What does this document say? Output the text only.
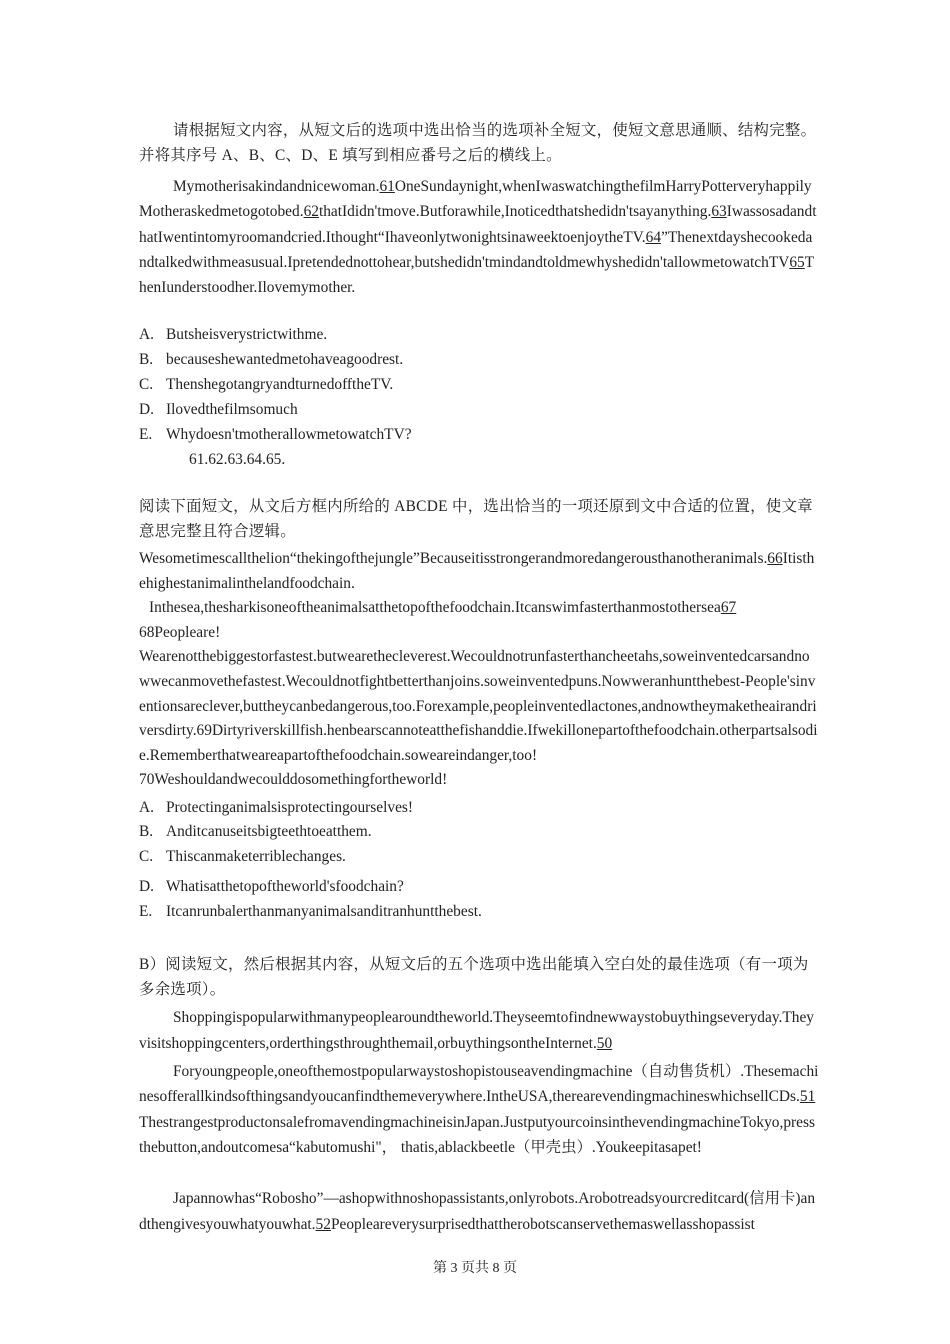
请根据短文内容，从短文后的选项中选出恰当的选项补全短文，使短文意思通顺、结构完整。并将其序号 A、B、C、D、E 填写到相应番号之后的横线上。
Mymotherisakindandnicewoman.61OneSundaynight,whenIwaswatchingthefilmHarryPotterveryhappilyMotheraskedmetogotobed.62thatIdidn'tmove.Butforawhile,Inoticedthatshedidn'tsayanything.63IwassosadandthatIwentintomyroomandcried.Ithought“IhaveonlytwonightsinaweektoenjoytheTV.64”Thenextdayshecookedandtalkedwithmeasusual.Ipretendednottohear,butshedidn'tmindandtoldmewhyshedidn'tallowmetowatchTV65ThenIunderstoodher.Ilovemymother.
A. Butsheisverystrictwithme.
B. becauseshewantedmetohaveagoodrest.
C. ThenshegotangryandturnedofftheTV.
D. Ilovedthefilmsomuch
E. Whydoesn'tmotherallowmetowatchTV?
61.62.63.64.65.
阅读下面短文，从文后方框内所给的 ABCDE 中，选出恰当的一项还原到文中合适的位置，使文章意思完整且符合逻辑。
Wesometimescallthelion“thekingofthejungle”Becauseitisstrongerandmoredangerousthanotheranimals.66Itisthehighestanimalinthelandfoodchain.
Inthesea,thesharkisoneoftheanimalsatthetopofthefoodchain.Itcanswimfasterthanmostothersea67
68Peopleare!
Wearenotthebiggestorfastest.butwearethecleverest.Wecouldnotrunfasterthancheetahs,soweinventedcarsandnowwecanmovethefastest.Wecouldnotfightbetterthanjoins.soweinventedpuns.Nowweranhuntthebest-People'sinventionsareclever,buttheycanbedangerous,too.Forexample,peopleinventedlactones,andnowtheymaketheairandriversdirty.69Dirtyriverskillfish.henbearscannoteatthefishanddie.Ifwekillonepartofthefoodchain.otherpartsalsodie.Rememberthatweareapartofthefoodchain.soweareindanger,too!
70Weshouldandwecoulddosomethingfortheworld!
A. Protectinganimalsisprotectingourselves!
B. Anditcanuseitsbigteethtoeatthem.
C. Thiscanmaketerriblechanges.
D. Whatisatthetopoftheworld'sfoodchain?
E. Itcanrunbalerthanmanyanimalsanditranhuntthebest.
B）阅读短文，然后根据其内容，从短文后的五个选项中选出能填入空白处的最佳选项（有一项为多余选项）。
Shoppingispopularwithmanypeoplearoundtheworld.Theyseemtofindnewwaystobuythingseveryday.Theyvisitshoppingcenters,orderthingsthroughthemail,orbuythingsontheInternet.50
Foryoungpeople,oneofthemostpopularwaystoshopistouseavendingmachine（自动售货机）.Thesemachinesofferallkindsofthingsandyoucanfindthemeverywhere.IntheUSA,therearevendingmachineswhichsellCDs.51ThestrangestproductonsalefromavendingmachineisinJapan.JustputyourcoinsinthevendingmachineTokyo,pressthebutton,andoutcomesa“kabutomushi"， thatis,ablackbeetle（甲壳虫）.Youkeepitasapet!
Japannowhas“Robosho”—ashopwithnoshopassistants,onlyrobots.Arobotreadsyourcreditcard(信用卡)andthengivesyouwhatyouwhat.52Peopleareverysurprisedthattherobotscanservethemaswellasshopassist
第 3 页共 8 页
